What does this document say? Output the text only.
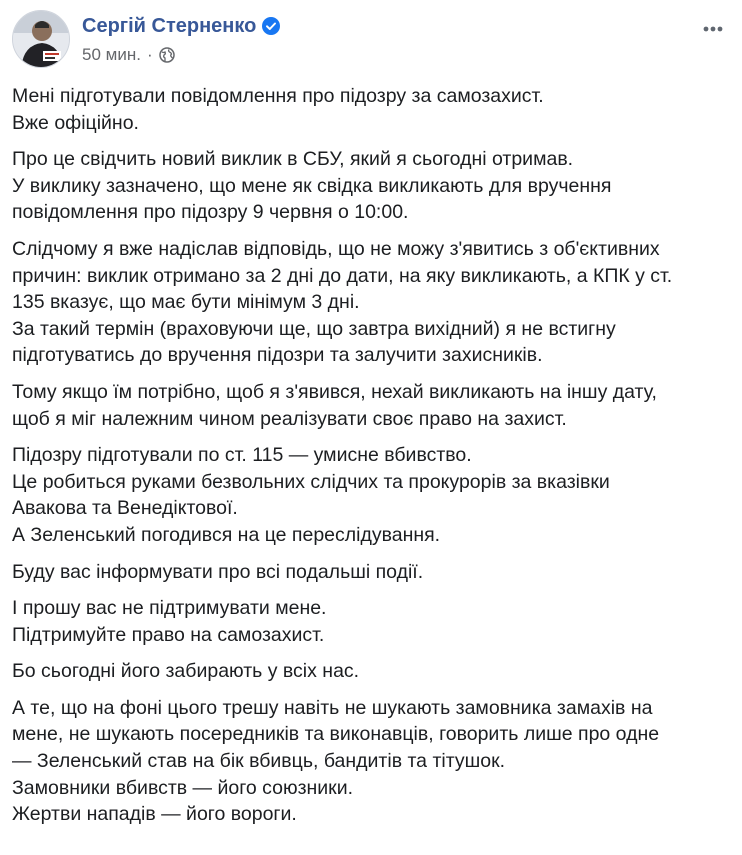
Сергій Стерненко
50 мин. ·

Мені підготували повідомлення про підозру за самозахист.
Вже офіційно.

Про це свідчить новий виклик в СБУ, який я сьогодні отримав.
У виклику зазначено, що мене як свідка викликають для вручення
повідомлення про підозру 9 червня о 10:00.

Слідчому я вже надіслав відповідь, що не можу з'явитись з об'єктивних
причин: виклик отримано за 2 дні до дати, на яку викликають, а КПК у ст.
135 вказує, що має бути мінімум 3 дні.
За такий термін (враховуючи ще, що завтра вихідний) я не встигну
підготуватись до вручення підозри та залучити захисників.

Тому якщо їм потрібно, щоб я з'явився, нехай викликають на іншу дату,
щоб я міг належним чином реалізувати своє право на захист.

Підозру підготували по ст. 115 — умисне вбивство.
Це робиться руками безвольних слідчих та прокурорів за вказівки
Авакова та Венедіктової.
А Зеленський погодився на це переслідування.

Буду вас інформувати про всі подальші події.

І прошу вас не підтримувати мене.
Підтримуйте право на самозахист.

Бо сьогодні його забирають у всіх нас.

А те, що на фоні цього трешу навіть не шукають замовника замахів на
мене, не шукають посередників та виконавців, говорить лише про одне
— Зеленський став на бік вбивць, бандитів та тітушок.
Замовники вбивств — його союзники.
Жертви нападів — його вороги.
